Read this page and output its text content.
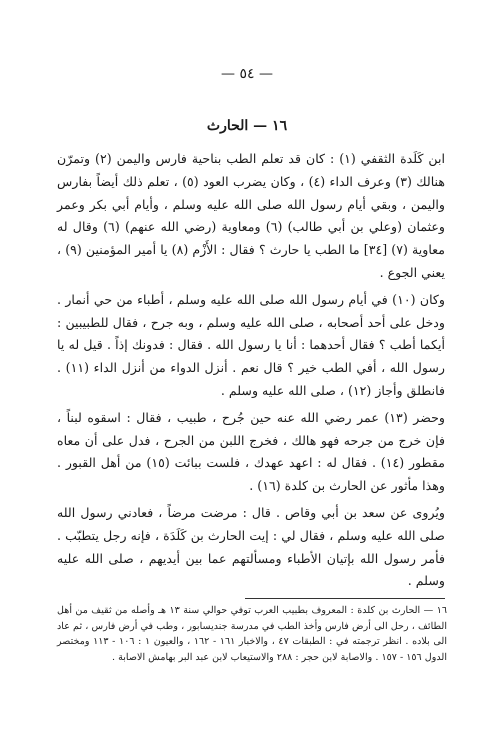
— ٥٤ —
١٦ — الحارث

ابن كَلَدة الثقفي (١) : كان قد تعلم الطب بناحية فارس واليمن (٢) وتمرّن هنالك (٣) وعرف الداء (٤) ، وكان يضرب العود (٥) ، تعلم ذلك أيضاً بفارس واليمن ، وبقي أيام رسول الله صلى الله عليه وسلم ، وأيام أبي بكر وعمر وعثمان (وعلي بن أبي طالب) (٦) ومعاوية (رضي الله عنهم) (٦) وقال له معاوية (٧) [٣٤] ما الطب يا حارث ؟ فقال : الأَزْم (٨) يا أمير المؤمنين (٩) ، يعني الجوع .

وكان (١٠) في أيام رسول الله صلى الله عليه وسلم ، أطباء من حي أنمار . ودخل على أحد أصحابه ، صلى الله عليه وسلم ، وبه جرح ، فقال للطبيبين : أيكما أطب ؟ فقال أحدهما : أنا يا رسول الله . فقال : فدونك إذاً . قيل له يا رسول الله ، أفي الطب خير ؟ قال نعم . أنزل الدواء من أنزل الداء (١١) . فانطلق وأجاز (١٢) ، صلى الله عليه وسلم .

وحضر (١٣) عمر رضي الله عنه حين جُرح ، طبيب ، فقال : اسقوه لبناً ، فإن خرج من جرحه فهو هالك ، فخرج اللبن من الجرح ، فدل على أن معاه مقطور (١٤) . فقال له : اعهد عهدك ، فلست ببائت (١٥) من أهل القبور . وهذا مأثور عن الحارث بن كلدة (١٦) .

ويُروى عن سعد بن أبي وقاص . قال : مرضت مرضاً ، فعادني رسول الله صلى الله عليه وسلم ، فقال لي : إيت الحارث بن كَلَدَة ، فإنه رجل يتطبّب . فأمر رسول الله بإتيان الأطباء ومسألتهم عما بين أيديهم ، صلى الله عليه وسلم .

١٦ — الحارث بن كلدة : المعروف بطبيب العرب توفي حوالي سنة ١٣ هـ وأصله من ثقيف من أهل الطائف ، رحل الى أرض فارس وأخذ الطب في مدرسة جنديسابور ، وطب في أرض فارس ، ثم عاد الى بلاده . انظر ترجمته في : الطبقات ٤٧ ، والاخبار ١٦١ - ١٦٢ ، والعيون ١ : ١٠٦ - ١١٣ ومختصر الدول ١٥٦ - ١٥٧ . والاصابة لابن حجر : ٢٨٨ والاستيعاب لابن عبد البر بهامش الاصابة .
